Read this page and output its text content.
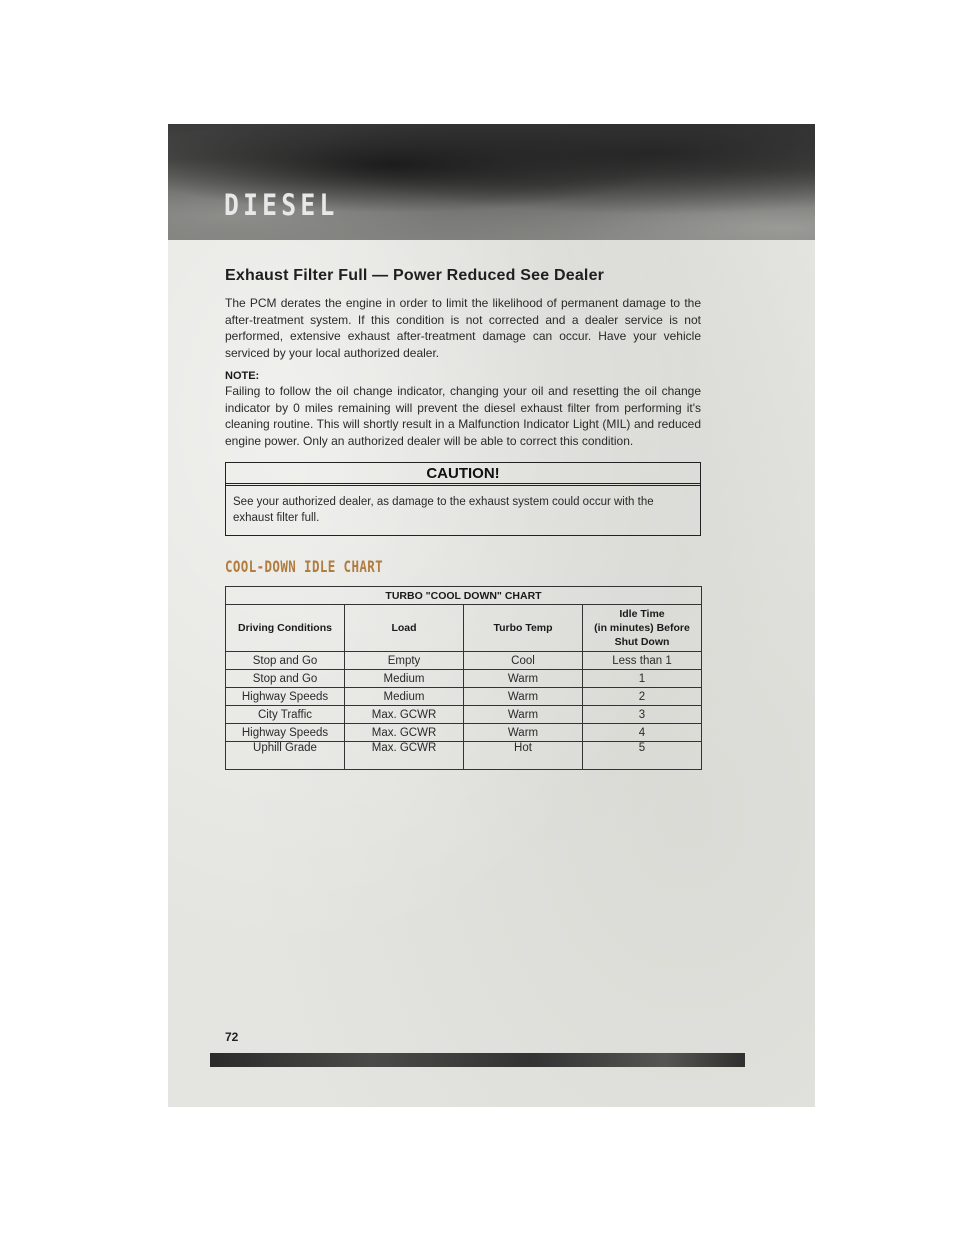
DIESEL
Exhaust Filter Full — Power Reduced See Dealer

The PCM derates the engine in order to limit the likelihood of permanent damage to the after-treatment system. If this condition is not corrected and a dealer service is not performed, extensive exhaust after-treatment damage can occur. Have your vehicle serviced by your local authorized dealer.

NOTE:

Failing to follow the oil change indicator, changing your oil and resetting the oil change indicator by 0 miles remaining will prevent the diesel exhaust filter from performing it's cleaning routine. This will shortly result in a Malfunction Indicator Light (MIL) and reduced engine power. Only an authorized dealer will be able to correct this condition.

CAUTION!
See your authorized dealer, as damage to the exhaust system could occur with the exhaust filter full.
COOL-DOWN IDLE CHART
TURBO "COOL DOWN" CHART			
Driving Conditions	Load	Turbo Temp	Idle Time
(in minutes) Before
Shut Down
Stop and Go	Empty	Cool	Less than 1
Stop and Go	Medium	Warm	1
Highway Speeds	Medium	Warm	2
City Traffic	Max. GCWR	Warm	3
Highway Speeds	Max. GCWR	Warm	4
Uphill Grade	Max. GCWR	Hot	5
72
